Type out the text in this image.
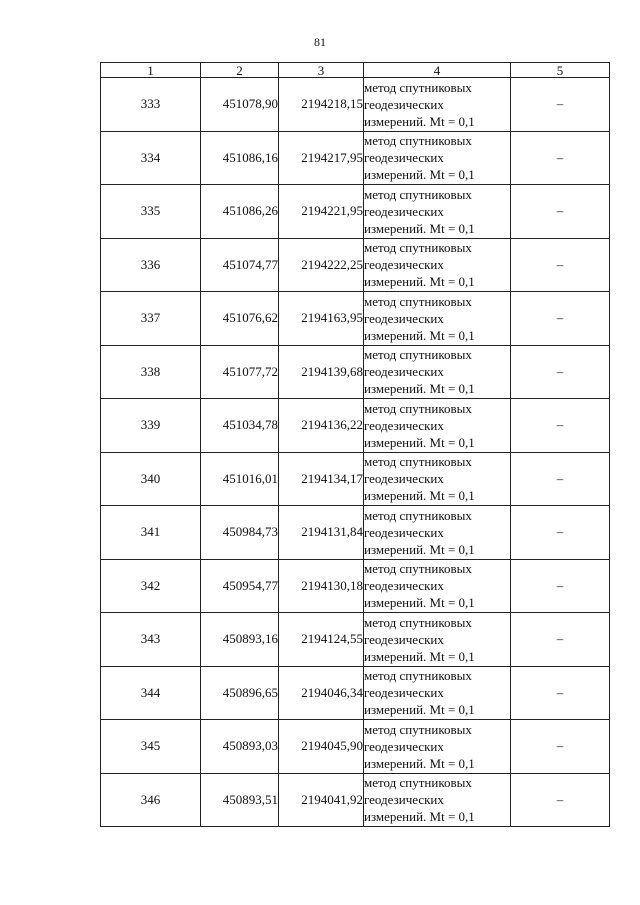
81
1	2	3	4	5
333	451078,90	2194218,15	метод спутниковых
геодезических
измерений. Mt = 0,1	–
334	451086,16	2194217,95	метод спутниковых
геодезических
измерений. Mt = 0,1	–
335	451086,26	2194221,95	метод спутниковых
геодезических
измерений. Mt = 0,1	–
336	451074,77	2194222,25	метод спутниковых
геодезических
измерений. Mt = 0,1	–
337	451076,62	2194163,95	метод спутниковых
геодезических
измерений. Mt = 0,1	–
338	451077,72	2194139,68	метод спутниковых
геодезических
измерений. Mt = 0,1	–
339	451034,78	2194136,22	метод спутниковых
геодезических
измерений. Mt = 0,1	–
340	451016,01	2194134,17	метод спутниковых
геодезических
измерений. Mt = 0,1	–
341	450984,73	2194131,84	метод спутниковых
геодезических
измерений. Mt = 0,1	–
342	450954,77	2194130,18	метод спутниковых
геодезических
измерений. Mt = 0,1	–
343	450893,16	2194124,55	метод спутниковых
геодезических
измерений. Mt = 0,1	–
344	450896,65	2194046,34	метод спутниковых
геодезических
измерений. Mt = 0,1	–
345	450893,03	2194045,90	метод спутниковых
геодезических
измерений. Mt = 0,1	–
346	450893,51	2194041,92	метод спутниковых
геодезических
измерений. Mt = 0,1	–
